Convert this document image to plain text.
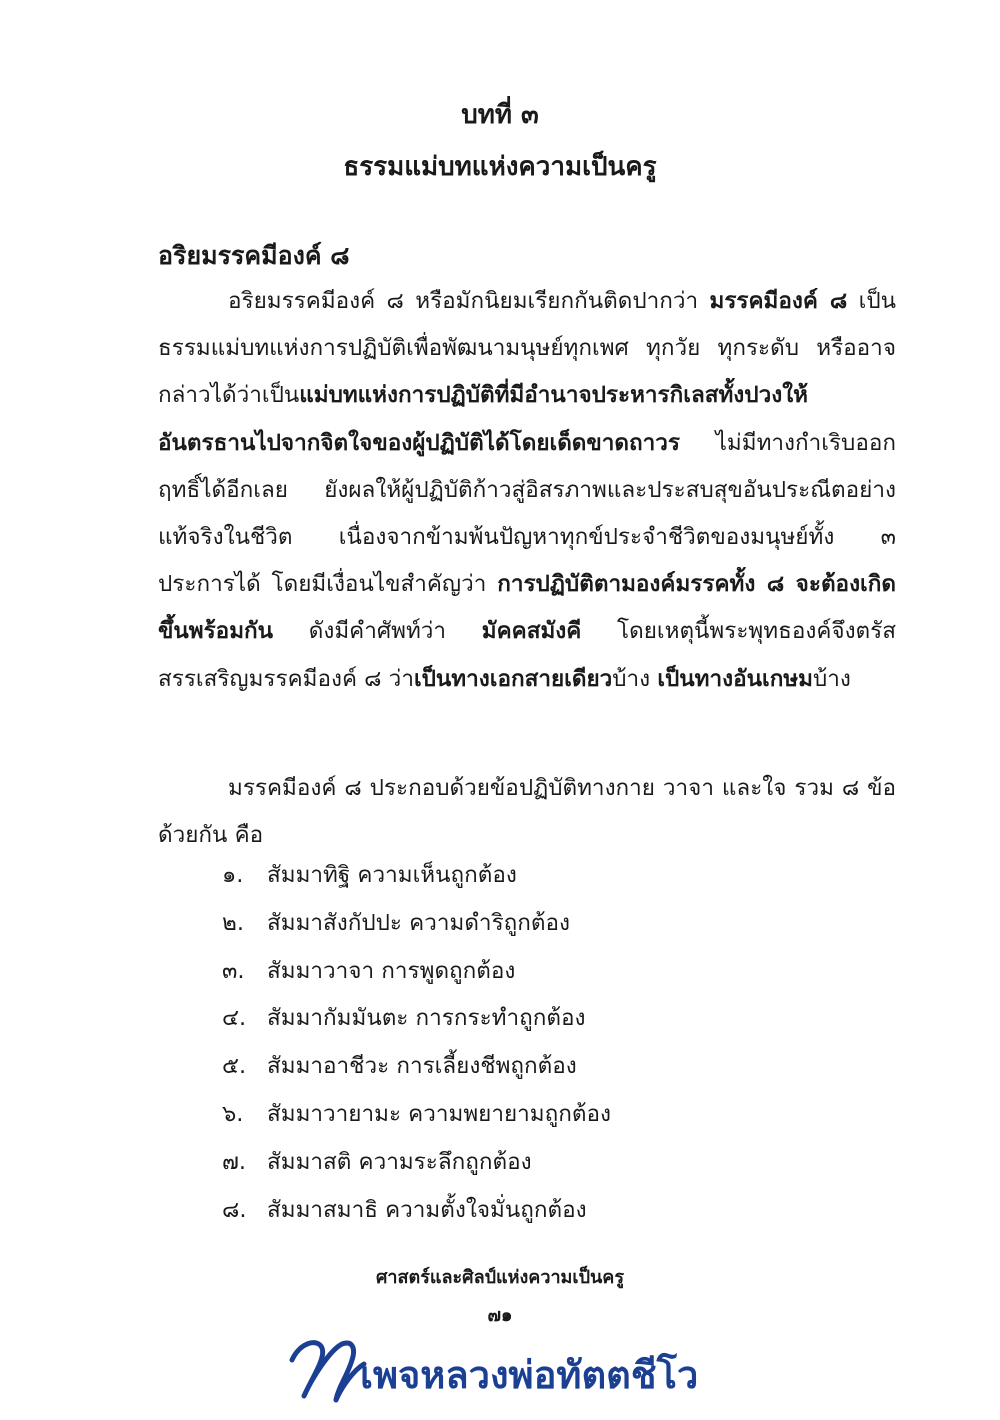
บทที่ ๓
ธรรมแม่บทแห่งความเป็นครู
อริยมรรคมีองค์ ๘

อริยมรรคมีองค์ ๘ หรือมักนิยมเรียกกันติดปากว่า มรรคมีองค์ ๘ เป็นธรรมแม่บทแห่งการปฏิบัติเพื่อพัฒนามนุษย์ทุกเพศ ทุกวัย ทุกระดับ หรืออาจกล่าวได้ว่าเป็นแม่บทแห่งการปฏิบัติที่มีอำนาจประหารกิเลสทั้งปวงให้อันตรธานไปจากจิตใจของผู้ปฏิบัติได้โดยเด็ดขาดถาวร ไม่มีทางกำเริบออกฤทธิ์ได้อีกเลย ยังผลให้ผู้ปฏิบัติก้าวสู่อิสรภาพและประสบสุขอันประณีตอย่างแท้จริงในชีวิต เนื่องจากข้ามพ้นปัญหาทุกข์ประจำชีวิตของมนุษย์ทั้ง ๓ ประการได้ โดยมีเงื่อนไขสำคัญว่า การปฏิบัติตามองค์มรรคทั้ง ๘ จะต้องเกิดขึ้นพร้อมกัน ดังมีคำศัพท์ว่า มัคคสมังคี โดยเหตุนี้พระพุทธองค์จึงตรัสสรรเสริญมรรคมีองค์ ๘ ว่าเป็นทางเอกสายเดียวบ้าง เป็นทางอันเกษมบ้าง

มรรคมีองค์ ๘ ประกอบด้วยข้อปฏิบัติทางกาย วาจา และใจ รวม ๘ ข้อด้วยกัน คือ

๑. สัมมาทิฐิ ความเห็นถูกต้อง
๒. สัมมาสังกัปปะ ความดำริถูกต้อง
๓. สัมมาวาจา การพูดถูกต้อง
๔. สัมมากัมมันตะ การกระทำถูกต้อง
๕. สัมมาอาชีวะ การเลี้ยงชีพถูกต้อง
๖. สัมมาวายามะ ความพยายามถูกต้อง
๗. สัมมาสติ ความระลึกถูกต้อง
๘. สัมมาสมาธิ ความตั้งใจมั่นถูกต้อง
ศาสตร์และศิลป์แห่งความเป็นครู
๗๑
เพจหลวงพ่อทัตตชีโว
